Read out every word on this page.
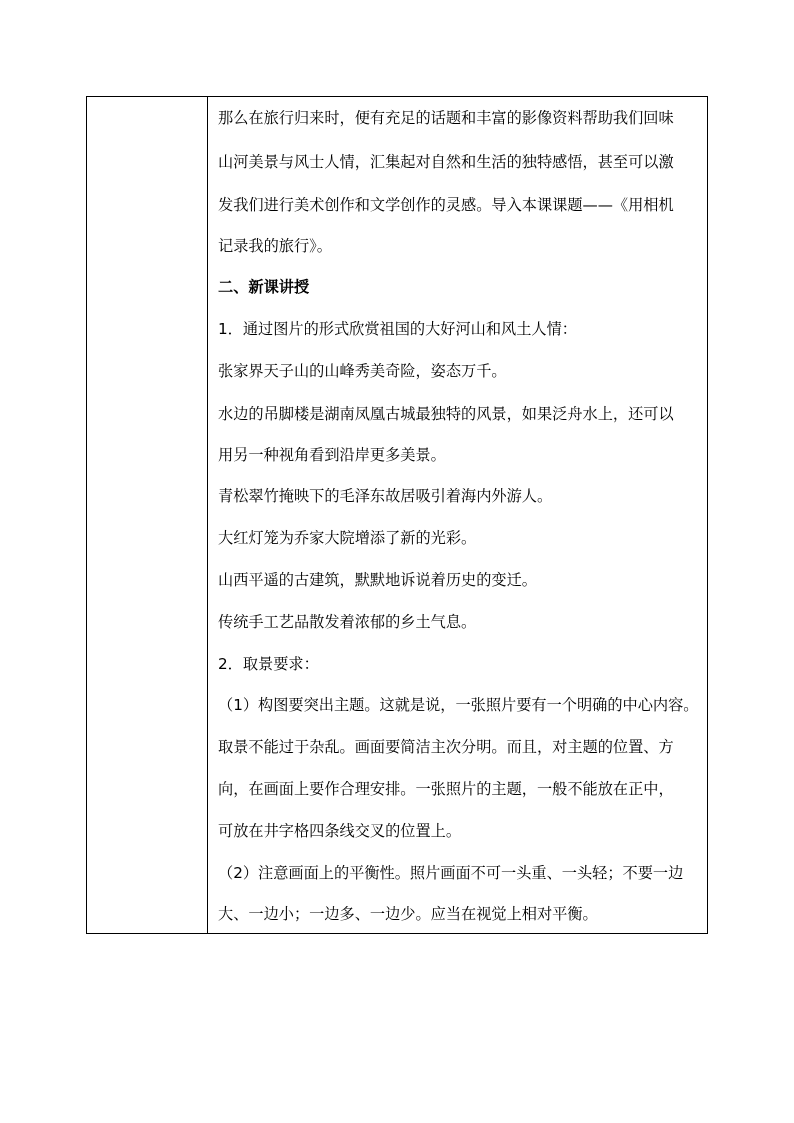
那么在旅行归来时，便有充足的话题和丰富的影像资料帮助我们回味
山河美景与风士人情，汇集起对自然和生活的独特感悟，甚至可以激
发我们进行美术创作和文学创作的灵感。导入本课课题——《用相机
记录我的旅行》。
二、新课讲授
1．通过图片的形式欣赏祖国的大好河山和风土人情：
张家界天子山的山峰秀美奇险，姿态万千。
水边的吊脚楼是湖南凤凰古城最独特的风景，如果泛舟水上，还可以
用另一种视角看到沿岸更多美景。
青松翠竹掩映下的毛泽东故居吸引着海内外游人。
大红灯笼为乔家大院增添了新的光彩。
山西平遥的古建筑，默默地诉说着历史的变迁。
传统手工艺品散发着浓郁的乡土气息。
2．取景要求：
（1）构图要突出主题。这就是说，一张照片要有一个明确的中心内容。
取景不能过于杂乱。画面要简洁主次分明。而且，对主题的位置、方
向，在画面上要作合理安排。一张照片的主题，一般不能放在正中，
可放在井字格四条线交叉的位置上。
（2）注意画面上的平衡性。照片画面不可一头重、一头轻；不要一边
大、一边小；一边多、一边少。应当在视觉上相对平衡。
